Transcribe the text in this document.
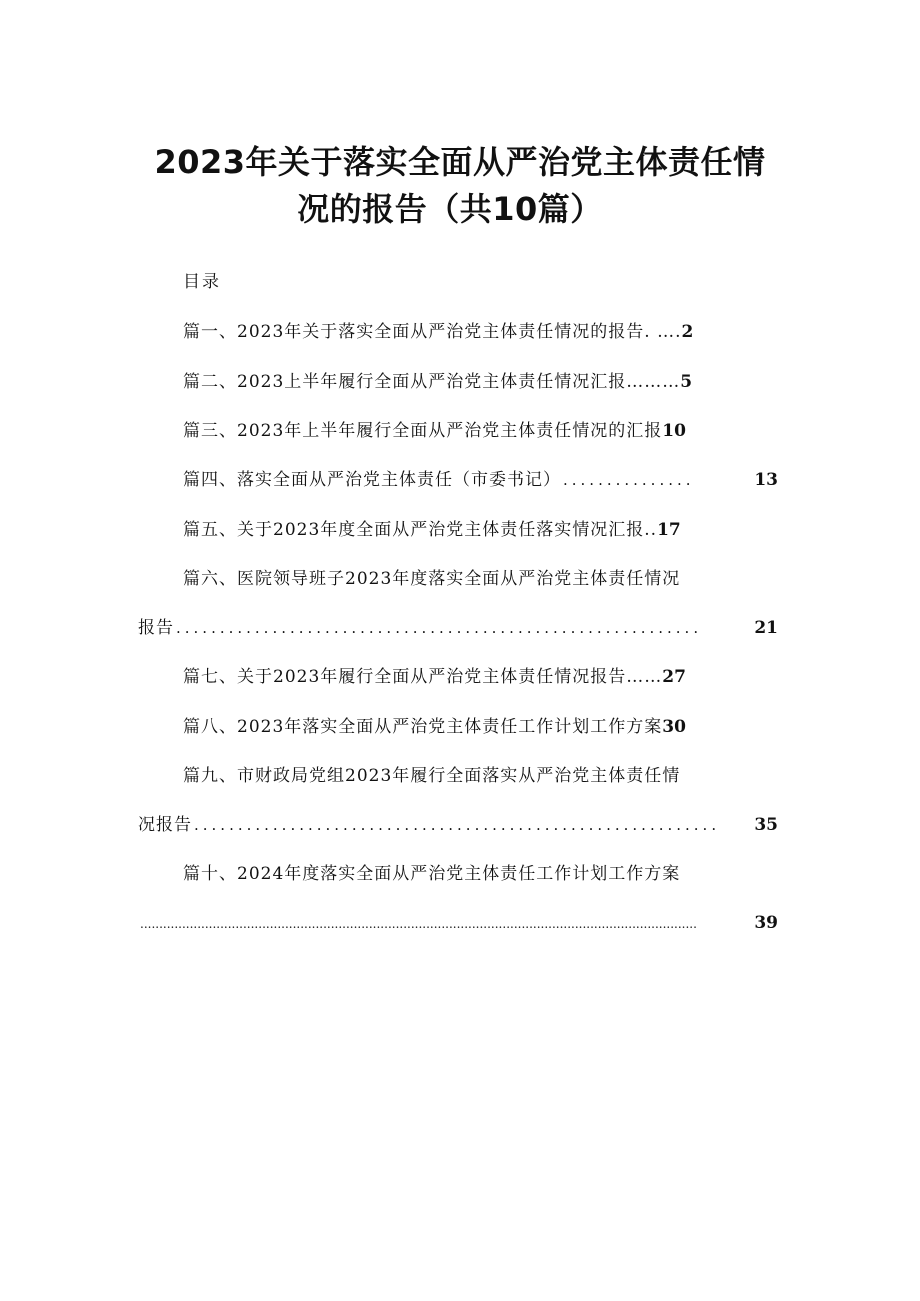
2023年关于落实全面从严治党主体责任情
况的报告（共10篇）
目录
篇一、2023年关于落实全面从严治党主体责任情况的报告. ….2
篇二、2023上半年履行全面从严治党主体责任情况汇报………5
篇三、2023年上半年履行全面从严治党主体责任情况的汇报10
篇四、落实全面从严治党主体责任（市委书记） ...............	13
篇五、关于2023年度全面从严治党主体责任落实情况汇报..17
篇六、医院领导班子2023年度落实全面从严治党主体责任情况
报告 ............................................................	21
篇七、关于2023年履行全面从严治党主体责任情况报告……27
篇八、2023年落实全面从严治党主体责任工作计划工作方案30
篇九、市财政局党组2023年履行全面落实从严治党主体责任情
况报告 ............................................................	35
篇十、2024年度落实全面从严治党主体责任工作计划工作方案
..................................................................................................................................................	39
